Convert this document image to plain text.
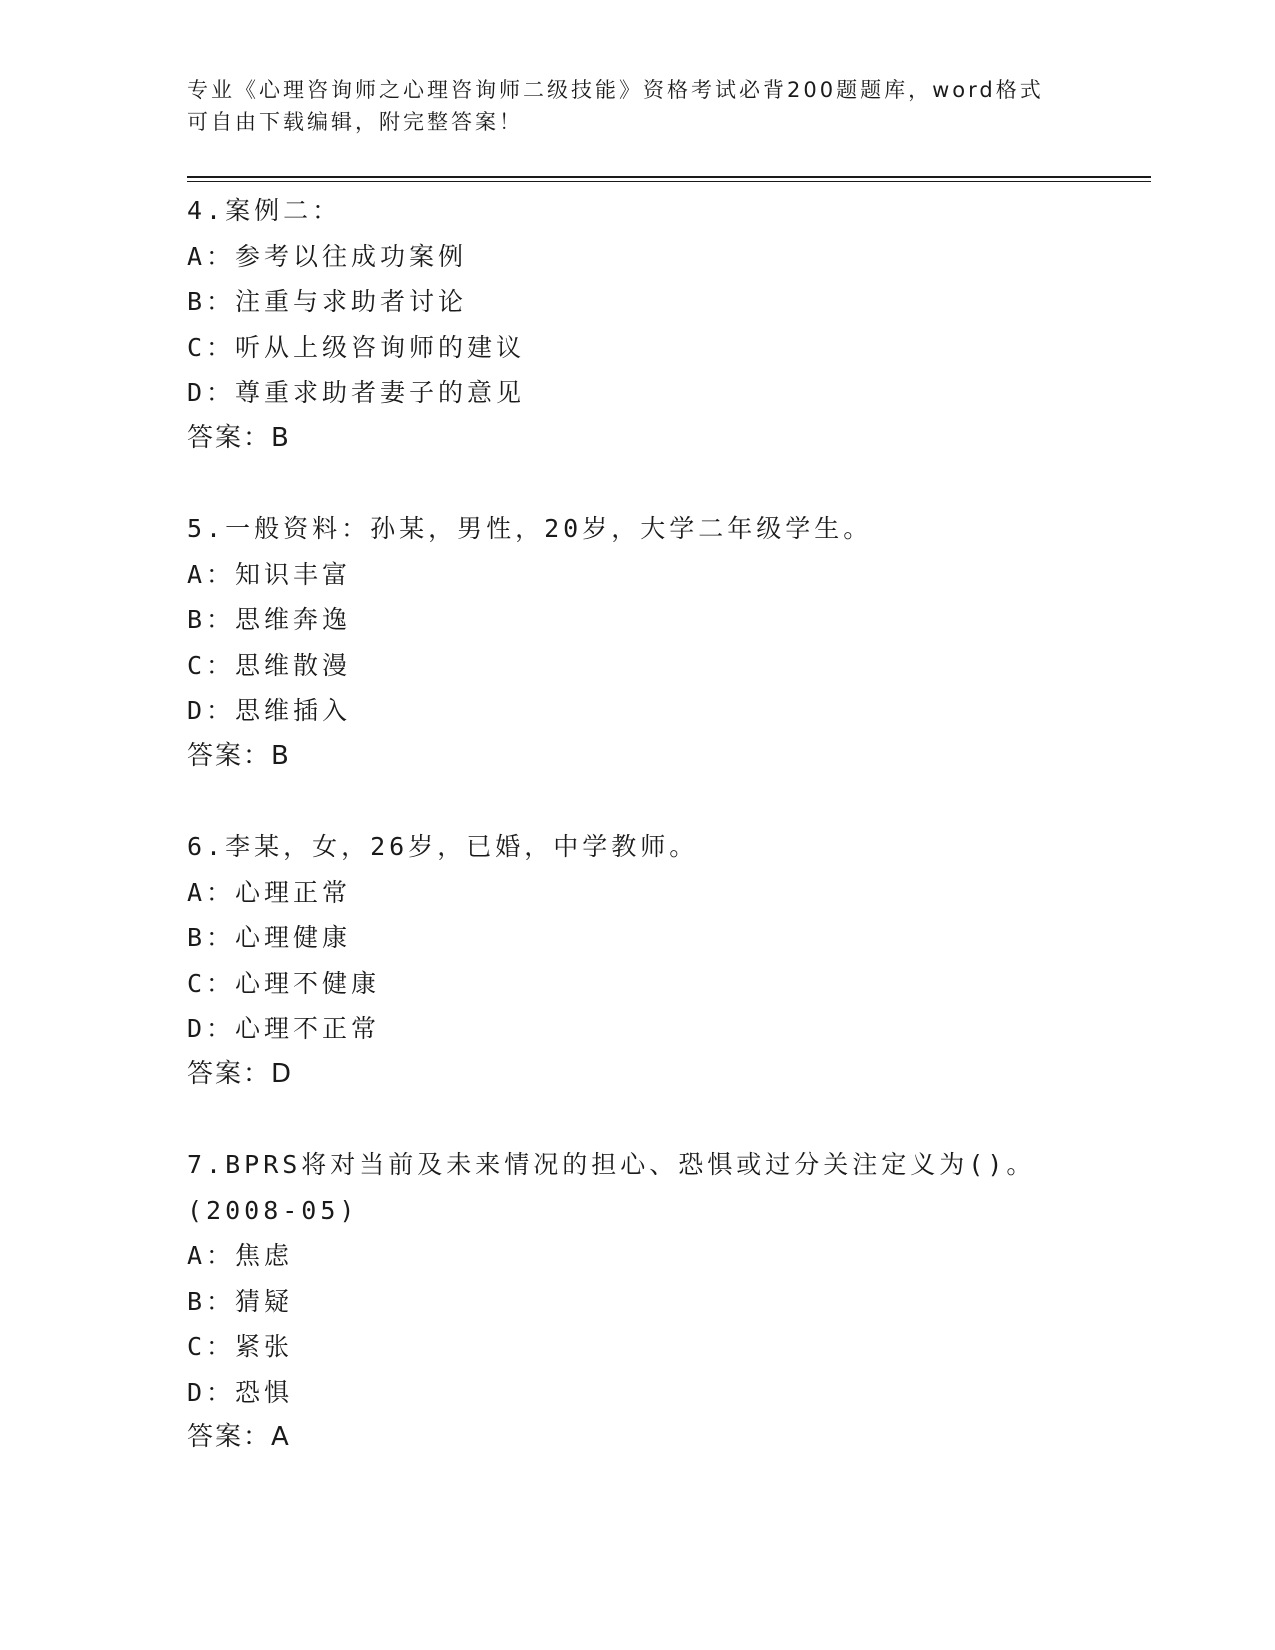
专业《心理咨询师之心理咨询师二级技能》资格考试必背200题题库，word格式
可自由下载编辑，附完整答案！
4.案例二：
A：参考以往成功案例
B：注重与求助者讨论
C：听从上级咨询师的建议
D：尊重求助者妻子的意见
答案：B
5.一般资料：孙某，男性，20岁，大学二年级学生。
A：知识丰富
B：思维奔逸
C：思维散漫
D：思维插入
答案：B
6.李某，女，26岁，已婚，中学教师。
A：心理正常
B：心理健康
C：心理不健康
D：心理不正常
答案：D
7.BPRS将对当前及未来情况的担心、恐惧或过分关注定义为()。
(2008-05)
A：焦虑
B：猜疑
C：紧张
D：恐惧
答案：A
